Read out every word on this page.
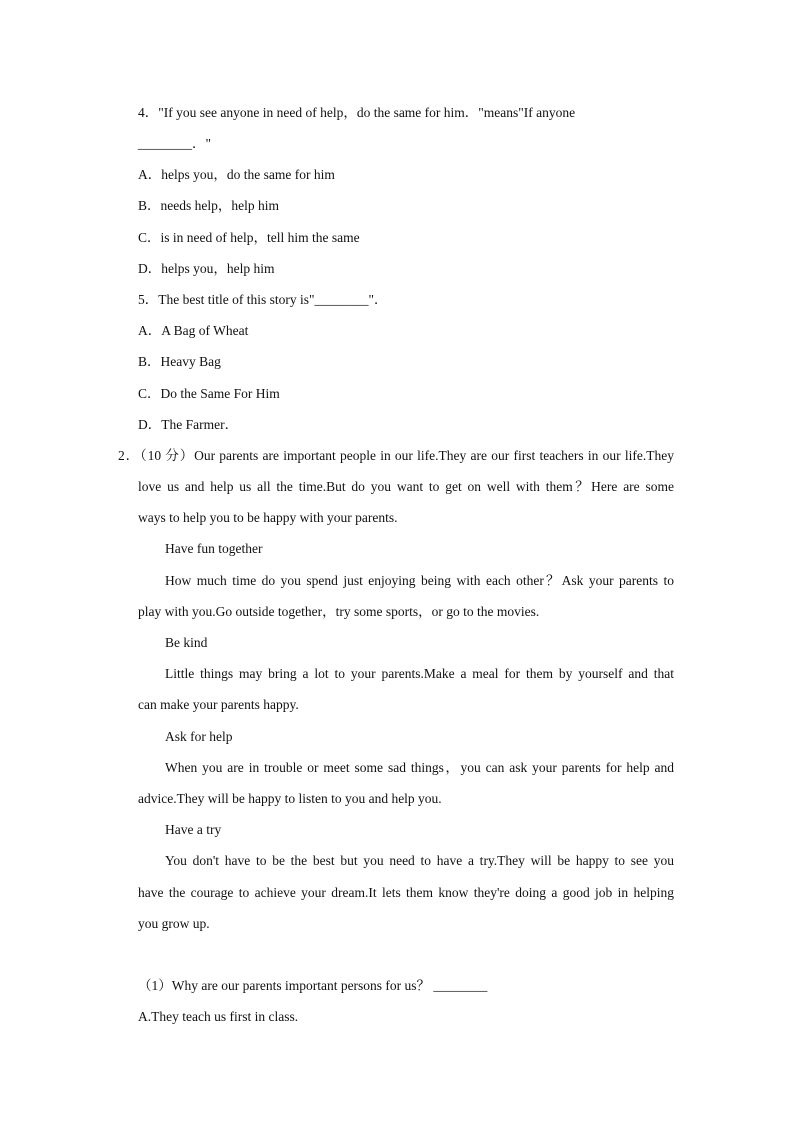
4．"If you see anyone in need of help，do the same for him．"means"If anyone
________．"
A．helps you，do the same for him
B．needs help，help him
C．is in need of help，tell him the same
D．helps you，help him
5．The best title of this story is"________"．
A．A Bag of Wheat
B．Heavy Bag
C．Do the Same For Him
D．The Farmer．
2．（10 分）Our parents are important people in our life.They are our first teachers in our life.They
love us and help us all the time.But do you want to get on well with them？Here are some
ways to help you to be happy with your parents.
Have fun together
How much time do you spend just enjoying being with each other？Ask your parents to
play with you.Go outside together，try some sports，or go to the movies.
Be kind
Little things may bring a lot to your parents.Make a meal for them by yourself and that
can make your parents happy.
Ask for help
When you are in trouble or meet some sad things，you can ask your parents for help and
advice.They will be happy to listen to you and help you.
Have a try
You don't have to be the best but you need to have a try.They will be happy to see you
have the courage to achieve your dream.It lets them know they're doing a good job in helping
you grow up.
（1）Why are our parents important persons for us？ ________
A.They teach us first in class.
